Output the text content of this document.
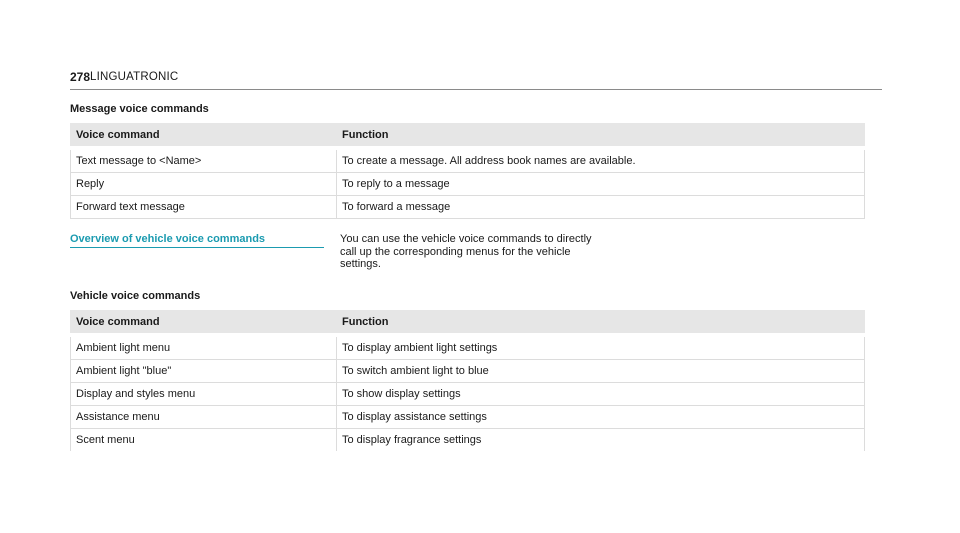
278 LINGUATRONIC
Message voice commands
Voice command	Function

Text message to <Name>	To create a message. All address book names are available.
Reply	To reply to a message
Forward text message	To forward a message
Overview of vehicle voice commands	You can use the vehicle voice commands to directly call up the corresponding menus for the vehicle settings.
Vehicle voice commands
Voice command	Function

Ambient light menu	To display ambient light settings
Ambient light "blue"	To switch ambient light to blue
Display and styles menu	To show display settings
Assistance menu	To display assistance settings
Scent menu	To display fragrance settings
